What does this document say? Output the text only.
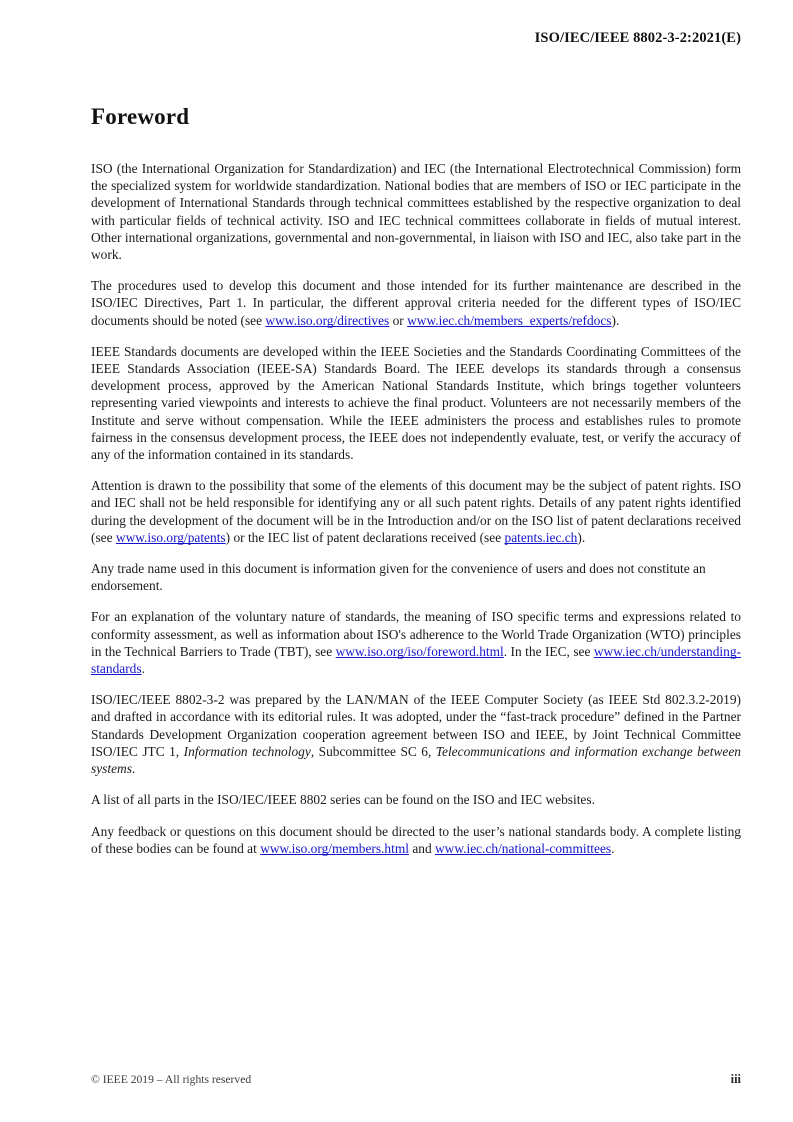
ISO/IEC/IEEE 8802-3-2:2021(E)
Foreword

ISO (the International Organization for Standardization) and IEC (the International Electrotechnical Commission) form the specialized system for worldwide standardization. National bodies that are members of ISO or IEC participate in the development of International Standards through technical committees established by the respective organization to deal with particular fields of technical activity. ISO and IEC technical committees collaborate in fields of mutual interest. Other international organizations, governmental and non-governmental, in liaison with ISO and IEC, also take part in the work.

The procedures used to develop this document and those intended for its further maintenance are described in the ISO/IEC Directives, Part 1. In particular, the different approval criteria needed for the different types of ISO/IEC documents should be noted (see www.iso.org/directives or www.iec.ch/members_experts/refdocs).

IEEE Standards documents are developed within the IEEE Societies and the Standards Coordinating Committees of the IEEE Standards Association (IEEE-SA) Standards Board. The IEEE develops its standards through a consensus development process, approved by the American National Standards Institute, which brings together volunteers representing varied viewpoints and interests to achieve the final product. Volunteers are not necessarily members of the Institute and serve without compensation. While the IEEE administers the process and establishes rules to promote fairness in the consensus development process, the IEEE does not independently evaluate, test, or verify the accuracy of any of the information contained in its standards.

Attention is drawn to the possibility that some of the elements of this document may be the subject of patent rights. ISO and IEC shall not be held responsible for identifying any or all such patent rights. Details of any patent rights identified during the development of the document will be in the Introduction and/or on the ISO list of patent declarations received (see www.iso.org/patents) or the IEC list of patent declarations received (see patents.iec.ch).

Any trade name used in this document is information given for the convenience of users and does not constitute an endorsement.

For an explanation of the voluntary nature of standards, the meaning of ISO specific terms and expressions related to conformity assessment, as well as information about ISO's adherence to the World Trade Organization (WTO) principles in the Technical Barriers to Trade (TBT), see www.iso.org/iso/foreword.html. In the IEC, see www.iec.ch/understanding-standards.

ISO/IEC/IEEE 8802-3-2 was prepared by the LAN/MAN of the IEEE Computer Society (as IEEE Std 802.3.2-2019) and drafted in accordance with its editorial rules. It was adopted, under the “fast-track procedure” defined in the Partner Standards Development Organization cooperation agreement between ISO and IEEE, by Joint Technical Committee ISO/IEC JTC 1, Information technology, Subcommittee SC 6, Telecommunications and information exchange between systems.

A list of all parts in the ISO/IEC/IEEE 8802 series can be found on the ISO and IEC websites.

Any feedback or questions on this document should be directed to the user’s national standards body. A complete listing of these bodies can be found at www.iso.org/members.html and www.iec.ch/national-committees.

© IEEE 2019 – All rights reserved	iii
